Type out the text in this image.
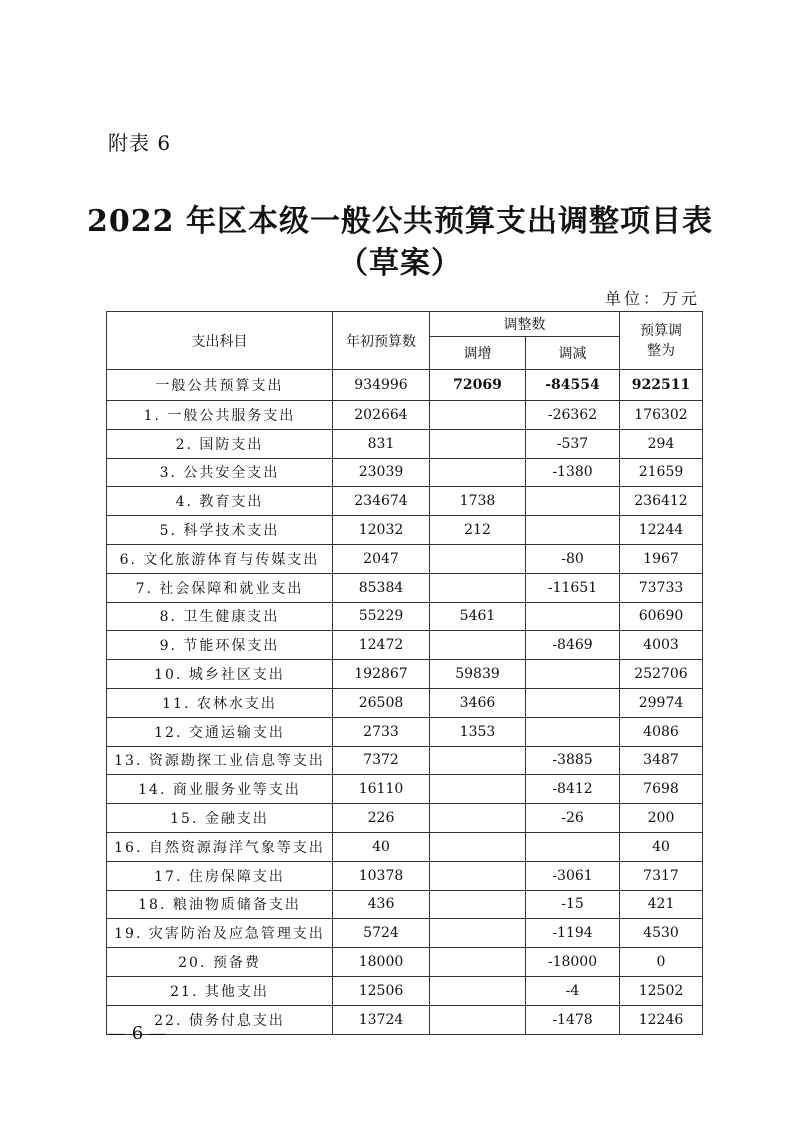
附表 6
2022 年区本级一般公共预算支出调整项目表
（草案）
单位：万元
支出科目	年初预算数	调整数		预算调整为
		调增	调减	
一般公共预算支出	934996	72069	-84554	922511
1. 一般公共服务支出	202664		-26362	176302
2. 国防支出	831		-537	294
3. 公共安全支出	23039		-1380	21659
4. 教育支出	234674	1738		236412
5. 科学技术支出	12032	212		12244
6. 文化旅游体育与传媒支出	2047		-80	1967
7. 社会保障和就业支出	85384		-11651	73733
8. 卫生健康支出	55229	5461		60690
9. 节能环保支出	12472		-8469	4003
10. 城乡社区支出	192867	59839		252706
11. 农林水支出	26508	3466		29974
12. 交通运输支出	2733	1353		4086
13. 资源勘探工业信息等支出	7372		-3885	3487
14. 商业服务业等支出	16110		-8412	7698
15. 金融支出	226		-26	200
16. 自然资源海洋气象等支出	40			40
17. 住房保障支出	10378		-3061	7317
18. 粮油物质储备支出	436		-15	421
19. 灾害防治及应急管理支出	5724		-1194	4530
20. 预备费	18000		-18000	0
21. 其他支出	12506		-4	12502
22. 债务付息支出	13724		-1478	12246
— 6 —
